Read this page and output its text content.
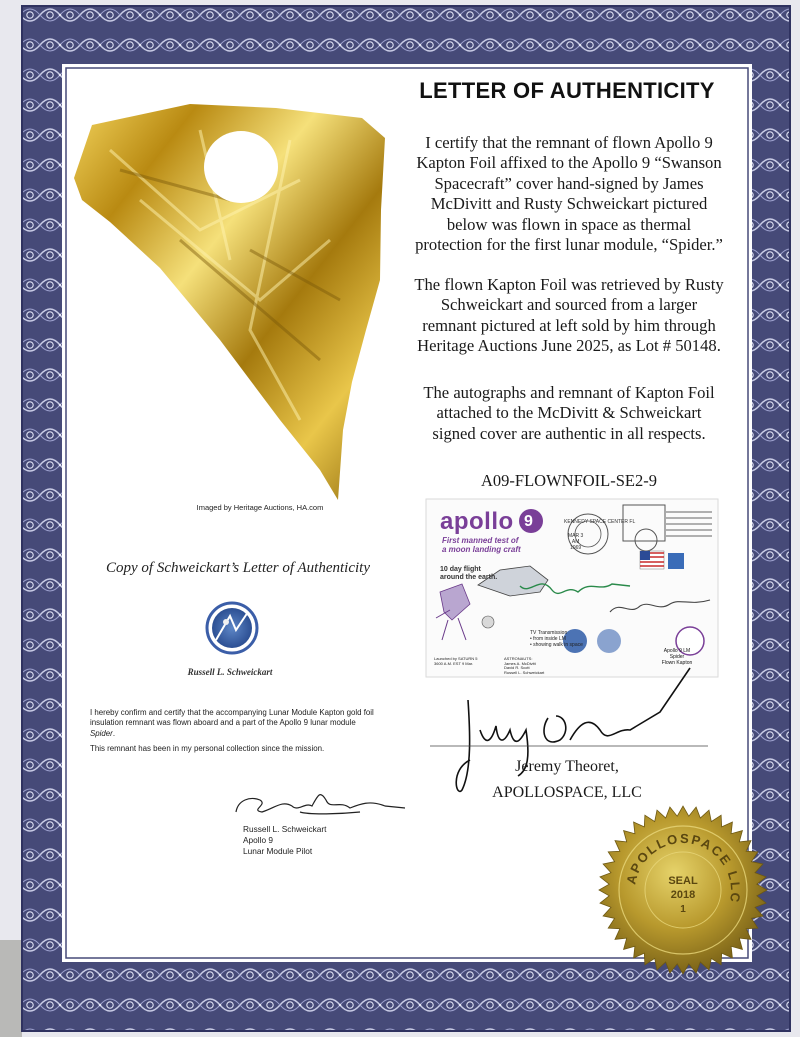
LETTER OF AUTHENTICITY
I certify that the remnant of flown Apollo 9 Kapton Foil affixed to the Apollo 9 “Swanson Spacecraft” cover hand-signed by James McDivitt and Rusty Schweickart pictured below was flown in space as thermal protection for the first lunar module, “Spider.”
The flown Kapton Foil was retrieved by Rusty Schweickart and sourced from a larger remnant pictured at left sold by him through Heritage Auctions June 2025, as Lot # 50148.
The autographs and remnant of Kapton Foil attached to the McDivitt & Schweickart signed cover are authentic in all respects.
A09-FLOWNFOIL-SE2-9
Imaged by Heritage Auctions, HA.com
Copy of Schweickart’s Letter of Authenticity
Russell L. Schweickart
I hereby confirm and certify that the accompanying Lunar Module Kapton gold foil insulation remnant was flown aboard and a part of the Apollo 9 lunar module Spider.
This remnant has been in my personal collection since the mission.
Russell L. Schweickart
Apollo 9
Lunar Module Pilot
apollo 9
First manned test of
a moon landing craft
10 day flight
around the earth.
TV Transmission
• from inside LM
• showing walk in space
ASTRONAUTS:
James A. McDivitt
David R. Scott
Russell L. Schweickart
Launched by SATURN 5
3600 A.M. EST 9 Mar.
KENNEDY SPACE CENTER FL
MAR 3
AM
1969
Apollo 9 LM
Spider
Flown Kapton
Jeremy Theoret,
APOLLOSPACE, LLC
APOLLOSPACE LLC
SEAL
2018
1
